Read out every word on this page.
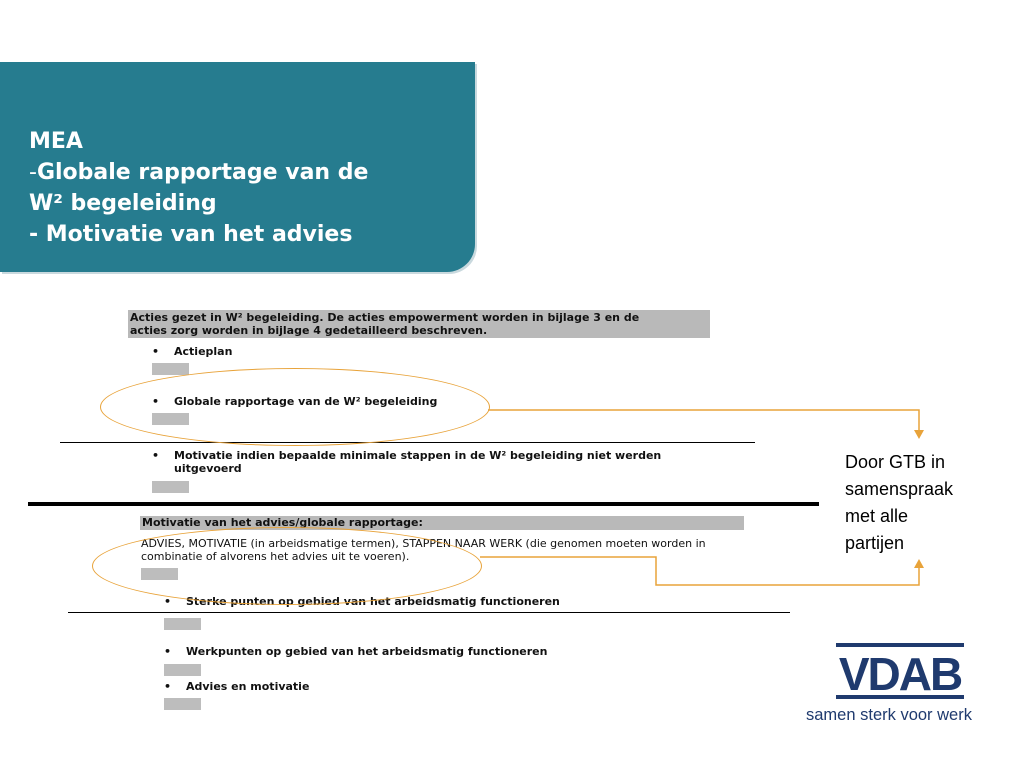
MEA
-Globale rapportage van de
W² begeleiding
- Motivatie van het advies
Acties gezet in W² begeleiding. De acties empowerment worden in bijlage 3 en de
acties zorg worden in bijlage 4 gedetailleerd beschreven.
• Actieplan
• Globale rapportage van de W² begeleiding
• Motivatie indien bepaalde minimale stappen in de W² begeleiding niet werden
uitgevoerd
Motivatie van het advies/globale rapportage:
ADVIES, MOTIVATIE (in arbeidsmatige termen), STAPPEN NAAR WERK (die genomen moeten worden in
combinatie of alvorens het advies uit te voeren).
• Sterke punten op gebied van het arbeidsmatig functioneren
• Werkpunten op gebied van het arbeidsmatig functioneren
• Advies en motivatie
Door GTB in
samenspraak
met alle
partijen
VDAB
samen sterk voor werk
